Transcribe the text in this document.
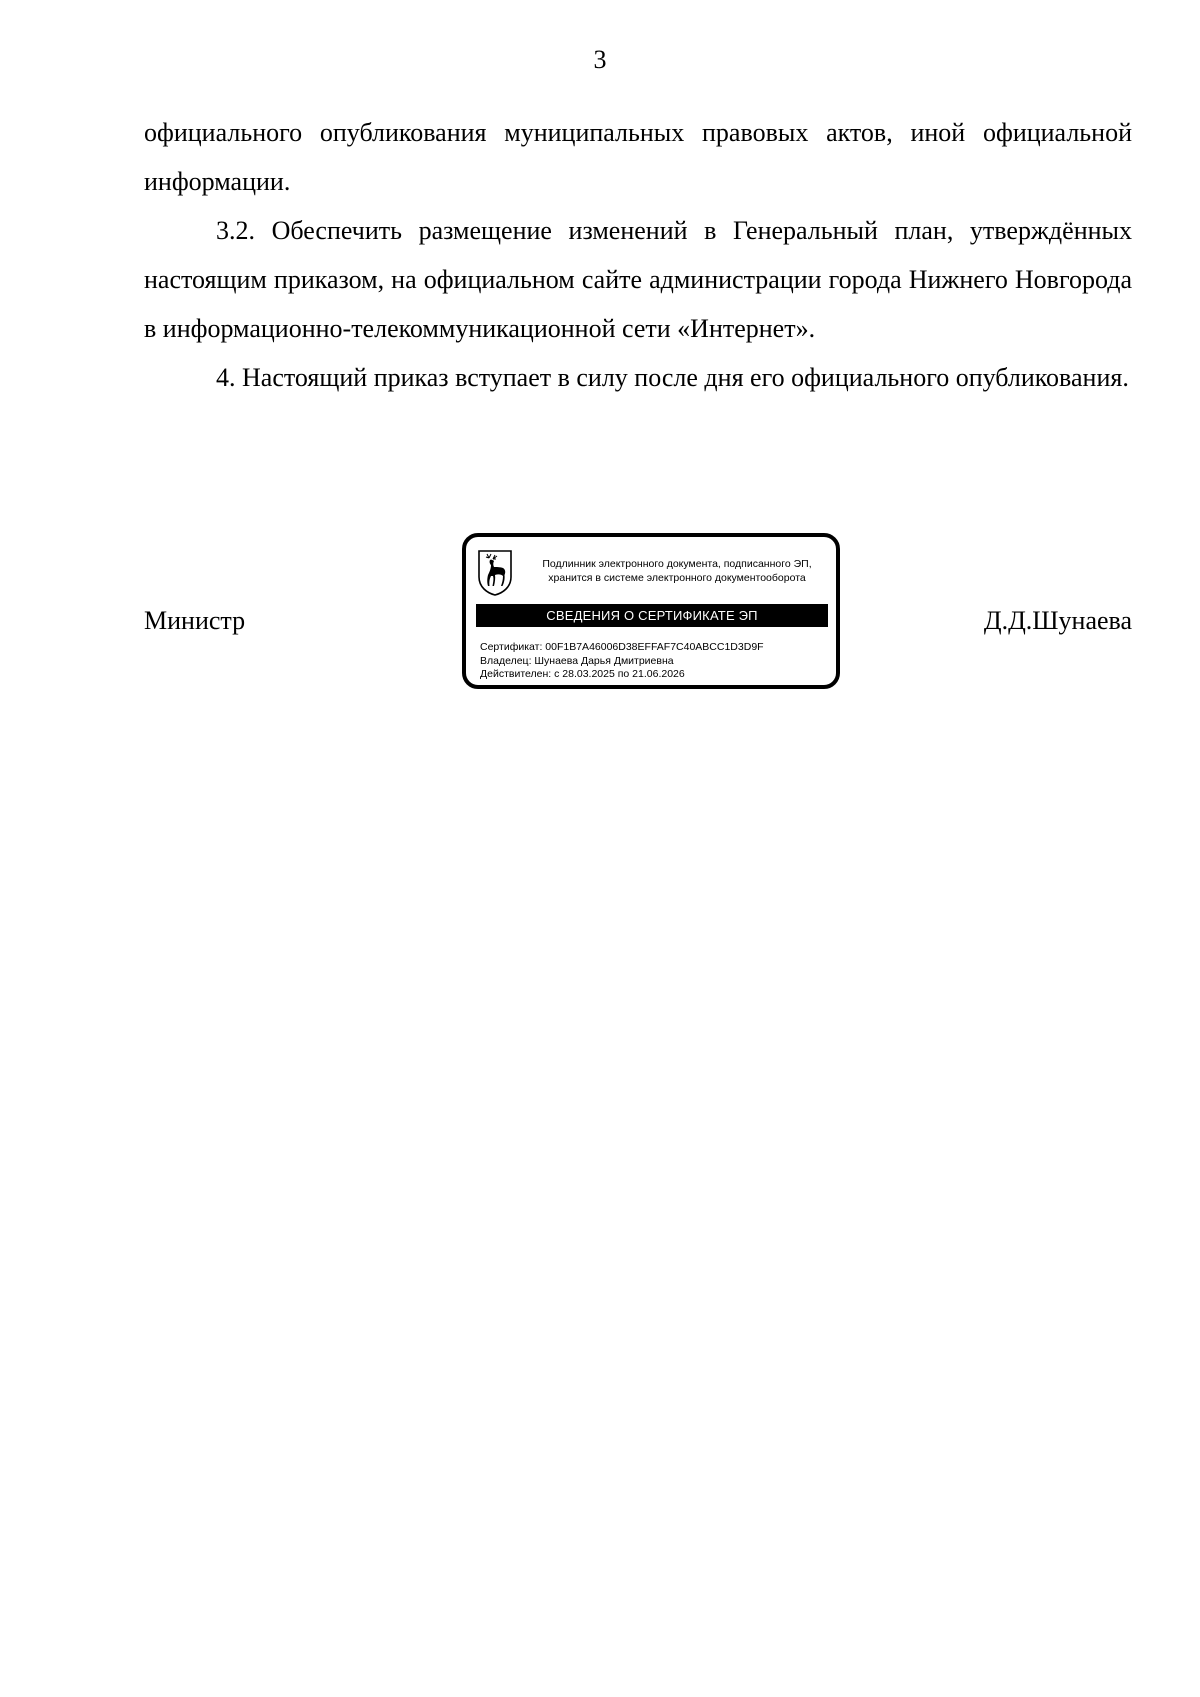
3

официального опубликования муниципальных правовых актов, иной официальной информации.

3.2. Обеспечить размещение изменений в Генеральный план, утверждённых настоящим приказом, на официальном сайте администрации города Нижнего Новгорода в информационно-телекоммуникационной сети «Интернет».

4. Настоящий приказ вступает в силу после дня его официального опубликования.

Министр
Подлинник электронного документа, подписанного ЭП,
хранится в системе электронного документооборота
СВЕДЕНИЯ О СЕРТИФИКАТЕ ЭП
Сертификат: 00F1B7A46006D38EFFAF7C40ABCC1D3D9F
Владелец: Шунаева Дарья Дмитриевна
Действителен: с 28.03.2025 по 21.06.2026
Д.Д.Шунаева
